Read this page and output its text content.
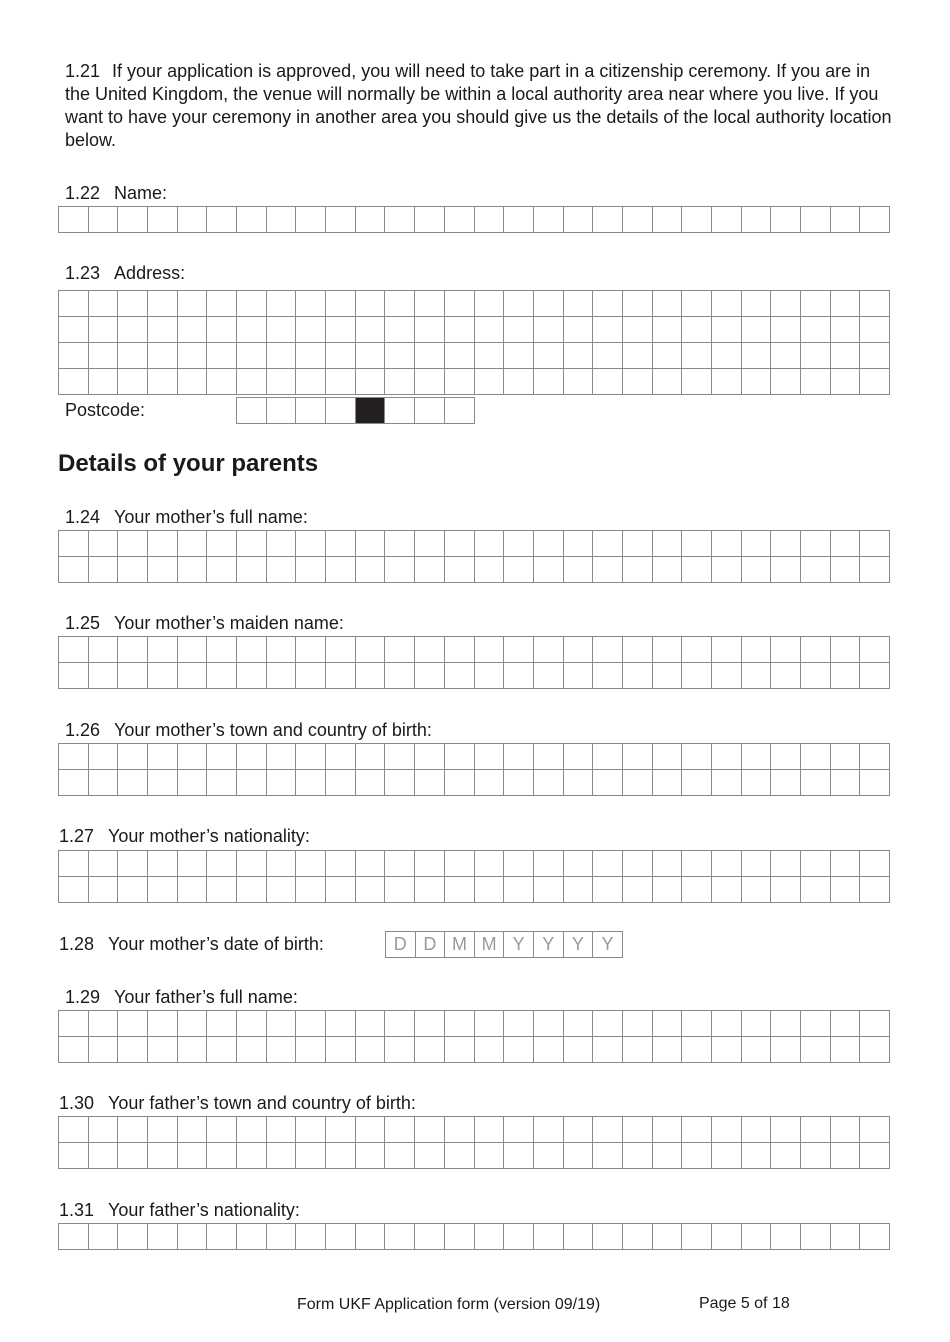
1.21 If your application is approved, you will need to take part in a citizenship ceremony. If you are in the United Kingdom, the venue will normally be within a local authority area near where you live. If you want to have your ceremony in another area you should give us the details of the local authority location below.
1.22 Name:
1.23 Address:
Postcode:
Details of your parents
1.24 Your mother’s full name:
1.25 Your mother’s maiden name:
1.26 Your mother’s town and country of birth:
1.27 Your mother’s nationality:
1.28 Your mother’s date of birth:	D D M M Y Y Y Y
1.29 Your father’s full name:
1.30 Your father’s town and country of birth:
1.31 Your father’s nationality:
Form UKF Application form (version 09/19)	Page 5 of 18
